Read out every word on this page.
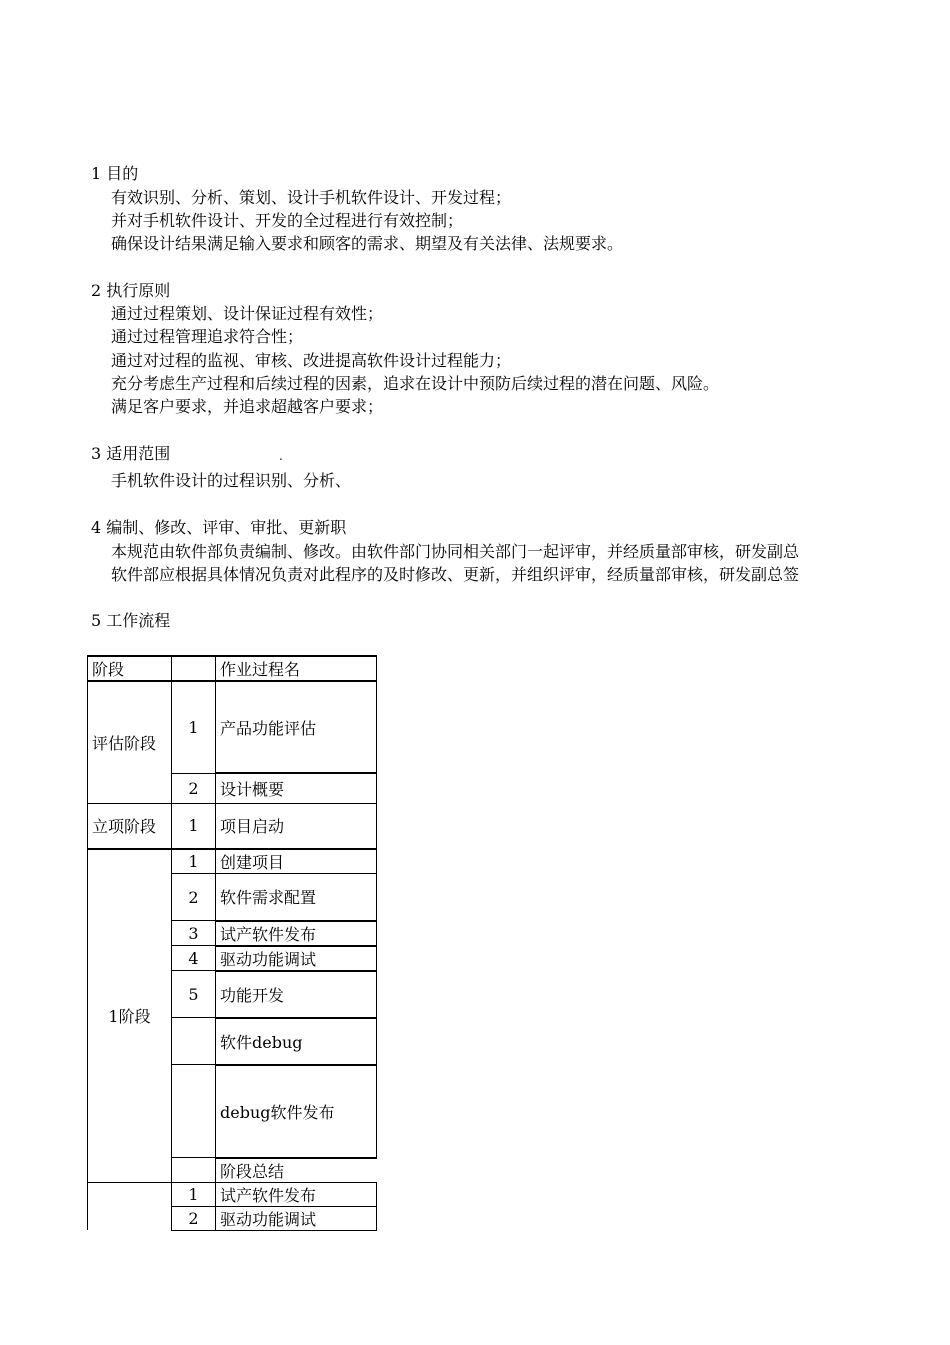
1 目的
有效识别、分析、策划、设计手机软件设计、开发过程；
并对手机软件设计、开发的全过程进行有效控制；
确保设计结果满足输入要求和顾客的需求、期望及有关法律、法规要求。
2 执行原则
通过过程策划、设计保证过程有效性；
通过过程管理追求符合性；
通过对过程的监视、审核、改进提高软件设计过程能力；
充分考虑生产过程和后续过程的因素，追求在设计中预防后续过程的潜在问题、风险。
满足客户要求，并追求超越客户要求；
3 适用范围	.
手机软件设计的过程识别、分析、
4 编制、修改、评审、审批、更新职
本规范由软件部负责编制、修改。由软件部门协同相关部门一起评审，并经质量部审核，研发副总
软件部应根据具体情况负责对此程序的及时修改、更新，并组织评审，经质量部审核，研发副总签
5 工作流程
阶段		作业过程名
评估阶段	1	产品功能评估
	2	设计概要
立项阶段	1	项目启动
1阶段	1	创建项目
	2	软件需求配置
	3	试产软件发布
	4	驱动功能调试
	5	功能开发
		软件debug
		debug软件发布
		阶段总结
	1	试产软件发布
	2	驱动功能调试
